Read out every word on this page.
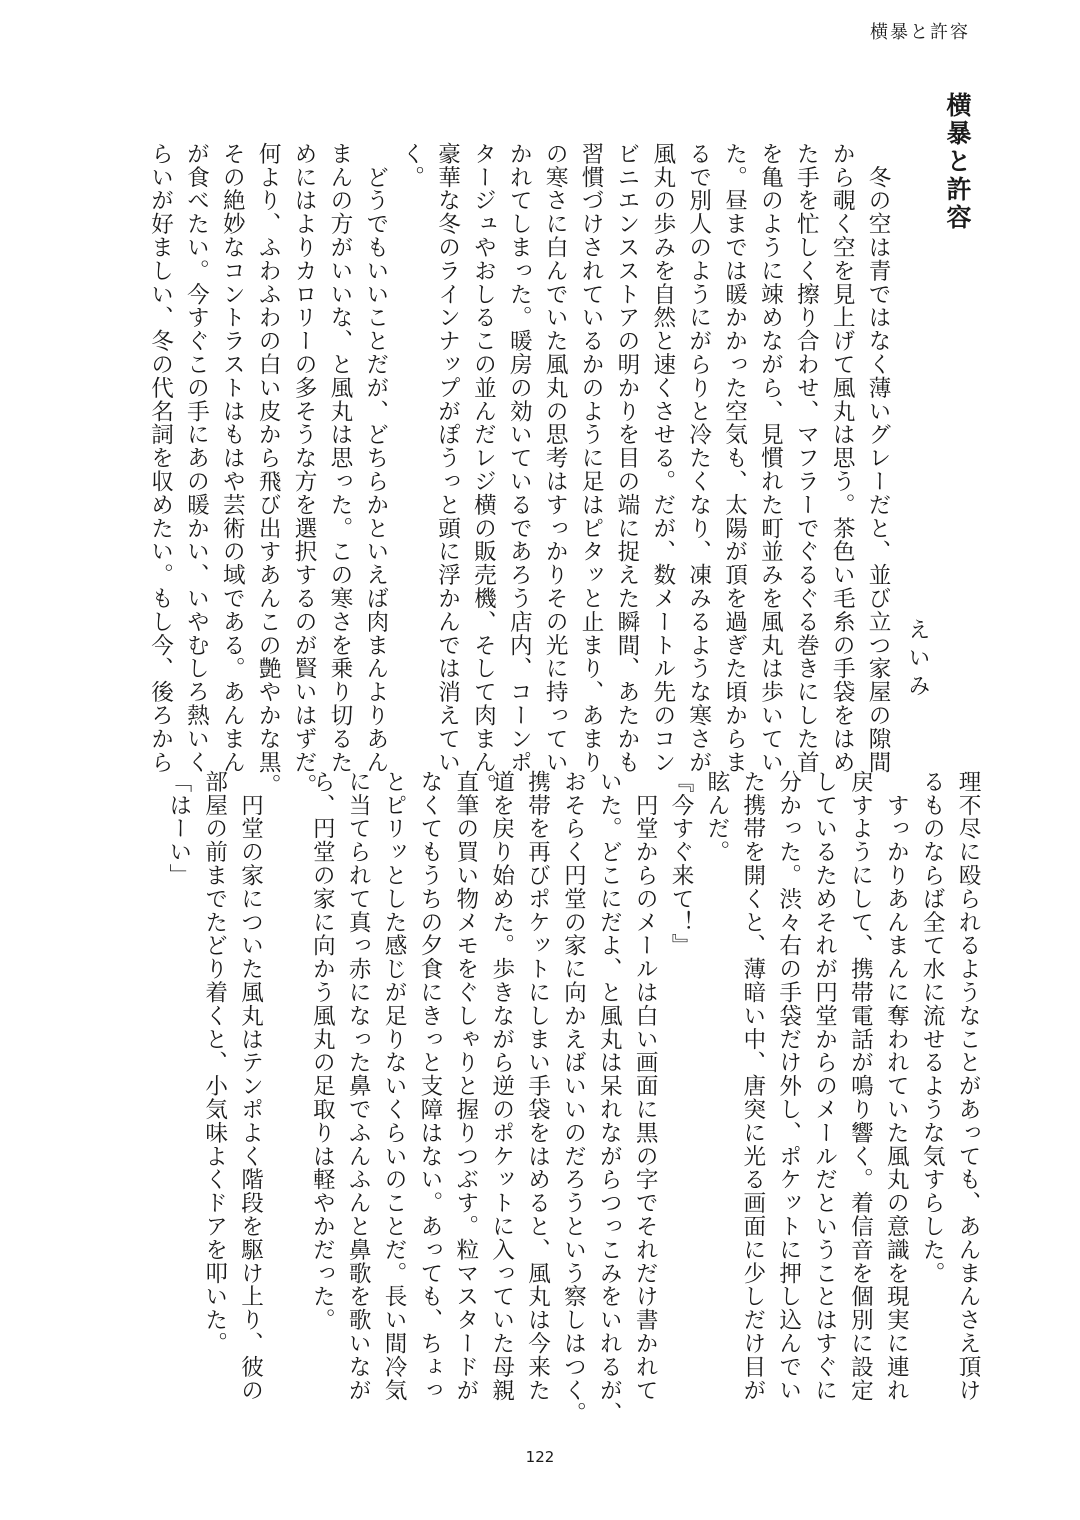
横暴と許容
横暴と許容
えいみ
　冬の空は青ではなく薄いグレーだと、並び立つ家屋の隙間
から覗く空を見上げて風丸は思う。茶色い毛糸の手袋をはめ
た手を忙しく擦り合わせ、マフラーでぐるぐる巻きにした首
を亀のように竦めながら、見慣れた町並みを風丸は歩いてい
た。昼までは暖かかった空気も、太陽が頂を過ぎた頃からま
るで別人のようにがらりと冷たくなり、凍みるような寒さが
風丸の歩みを自然と速くさせる。だが、数メートル先のコン
ビニエンスストアの明かりを目の端に捉えた瞬間、あたかも
習慣づけされているかのように足はピタッと止まり、あまり
の寒さに白んでいた風丸の思考はすっかりその光に持ってい
かれてしまった。暖房の効いているであろう店内、コーンポ
タージュやおしるこの並んだレジ横の販売機、そして肉まん。
豪華な冬のラインナップがぽうっと頭に浮かんでは消えてい
く。
　どうでもいいことだが、どちらかといえば肉まんよりあん
まんの方がいいな、と風丸は思った。この寒さを乗り切るた
めにはよりカロリーの多そうな方を選択するのが賢いはずだ。
何より、ふわふわの白い皮から飛び出すあんこの艶やかな黒。
その絶妙なコントラストはもはや芸術の域である。あんまん
が食べたい。今すぐこの手にあの暖かい、いやむしろ熱いく
らいが好ましい、冬の代名詞を収めたい。もし今、後ろから
理不尽に殴られるようなことがあっても、あんまんさえ頂け
るものならば全て水に流せるような気すらした。
　すっかりあんまんに奪われていた風丸の意識を現実に連れ
戻すようにして、携帯電話が鳴り響く。着信音を個別に設定
しているためそれが円堂からのメールだということはすぐに
分かった。渋々右の手袋だけ外し、ポケットに押し込んでい
た携帯を開くと、薄暗い中、唐突に光る画面に少しだけ目が
眩んだ。
『今すぐ来て！』
　円堂からのメールは白い画面に黒の字でそれだけ書かれて
いた。どこにだよ、と風丸は呆れながらつっこみをいれるが、
おそらく円堂の家に向かえばいいのだろうという察しはつく。
携帯を再びポケットにしまい手袋をはめると、風丸は今来た
道を戻り始めた。歩きながら逆のポケットに入っていた母親
直筆の買い物メモをぐしゃりと握りつぶす。粒マスタードが
なくてもうちの夕食にきっと支障はない。あっても、ちょっ
とピリッとした感じが足りないくらいのことだ。長い間冷気
に当てられて真っ赤になった鼻でふんふんと鼻歌を歌いなが
ら、円堂の家に向かう風丸の足取りは軽やかだった。

　円堂の家についた風丸はテンポよく階段を駆け上り、彼の
部屋の前までたどり着くと、小気味よくドアを叩いた。
「はーい」
122
